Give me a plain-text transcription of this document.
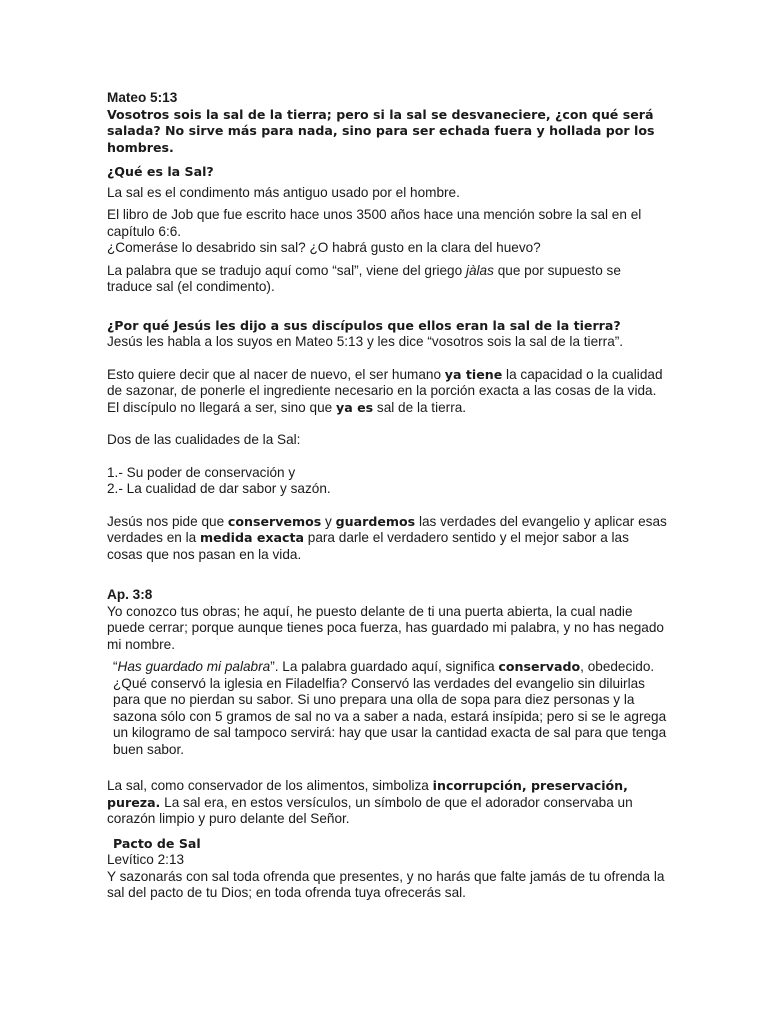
Mateo 5:13

Vosotros sois la sal de la tierra; pero si la sal se desvaneciere, ¿con qué será salada? No sirve más para nada, sino para ser echada fuera y hollada por los hombres.

¿Qué es la Sal?

La sal es el condimento más antiguo usado por el hombre.

El libro de Job que fue escrito hace unos 3500 años hace una mención sobre la sal en el capítulo 6:6.

¿Comeráse lo desabrido sin sal? ¿O habrá gusto en la clara del huevo?

La palabra que se tradujo aquí como “sal”, viene del griego jàlas que por supuesto se traduce sal (el condimento).

¿Por qué Jesús les dijo a sus discípulos que ellos eran la sal de la tierra?

Jesús les habla a los suyos en Mateo 5:13 y les dice “vosotros sois la sal de la tierra”.

Esto quiere decir que al nacer de nuevo, el ser humano ya tiene la capacidad o la cualidad de sazonar, de ponerle el ingrediente necesario en la porción exacta a las cosas de la vida. El discípulo no llegará a ser, sino que ya es sal de la tierra.

Dos de las cualidades de la Sal:

1.- Su poder de conservación y

2.- La cualidad de dar sabor y sazón.

Jesús nos pide que conservemos y guardemos las verdades del evangelio y aplicar esas verdades en la medida exacta para darle el verdadero sentido y el mejor sabor a las cosas que nos pasan en la vida.

Ap. 3:8

Yo conozco tus obras; he aquí, he puesto delante de ti una puerta abierta, la cual nadie puede cerrar; porque aunque tienes poca fuerza, has guardado mi palabra, y no has negado mi nombre.

“Has guardado mi palabra”. La palabra guardado aquí, significa conservado, obedecido. ¿Qué conservó la iglesia en Filadelfia? Conservó las verdades del evangelio sin diluirlas para que no pierdan su sabor. Si uno prepara una olla de sopa para diez personas y la sazona sólo con 5 gramos de sal no va a saber a nada, estará insípida; pero si se le agrega un kilogramo de sal tampoco servirá: hay que usar la cantidad exacta de sal para que tenga buen sabor.

La sal, como conservador de los alimentos, simboliza incorrupción, preservación, pureza. La sal era, en estos versículos, un símbolo de que el adorador conservaba un corazón limpio y puro delante del Señor.

Pacto de Sal

Levítico 2:13

Y sazonarás con sal toda ofrenda que presentes, y no harás que falte jamás de tu ofrenda la sal del pacto de tu Dios; en toda ofrenda tuya ofrecerás sal.
